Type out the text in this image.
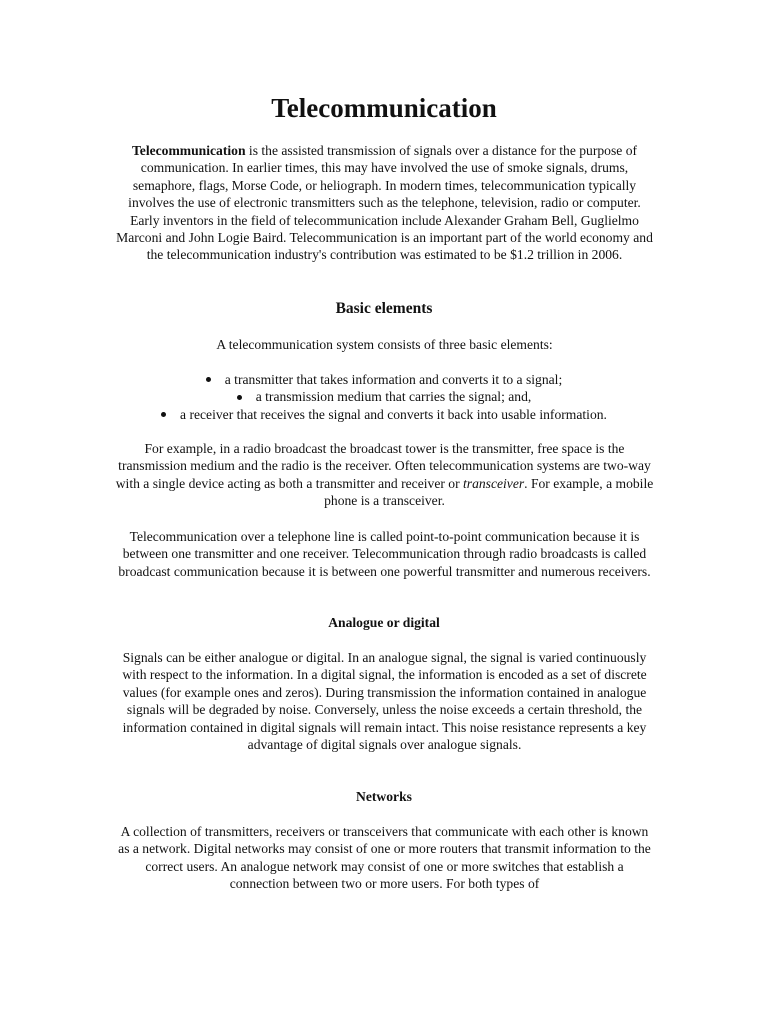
Telecommunication

Telecommunication is the assisted transmission of signals over a distance for the purpose of communication. In earlier times, this may have involved the use of smoke signals, drums, semaphore, flags, Morse Code, or heliograph. In modern times, telecommunication typically involves the use of electronic transmitters such as the telephone, television, radio or computer. Early inventors in the field of telecommunication include Alexander Graham Bell, Guglielmo Marconi and John Logie Baird. Telecommunication is an important part of the world economy and the telecommunication industry's contribution was estimated to be $1.2 trillion in 2006.

Basic elements

A telecommunication system consists of three basic elements:

a transmitter that takes information and converts it to a signal;
a transmission medium that carries the signal; and,
a receiver that receives the signal and converts it back into usable information.

For example, in a radio broadcast the broadcast tower is the transmitter, free space is the transmission medium and the radio is the receiver. Often telecommunication systems are two-way with a single device acting as both a transmitter and receiver or transceiver. For example, a mobile phone is a transceiver.

Telecommunication over a telephone line is called point-to-point communication because it is between one transmitter and one receiver. Telecommunication through radio broadcasts is called broadcast communication because it is between one powerful transmitter and numerous receivers.

Analogue or digital

Signals can be either analogue or digital. In an analogue signal, the signal is varied continuously with respect to the information. In a digital signal, the information is encoded as a set of discrete values (for example ones and zeros). During transmission the information contained in analogue signals will be degraded by noise. Conversely, unless the noise exceeds a certain threshold, the information contained in digital signals will remain intact. This noise resistance represents a key advantage of digital signals over analogue signals.

Networks

A collection of transmitters, receivers or transceivers that communicate with each other is known as a network. Digital networks may consist of one or more routers that transmit information to the correct users. An analogue network may consist of one or more switches that establish a connection between two or more users. For both types of
